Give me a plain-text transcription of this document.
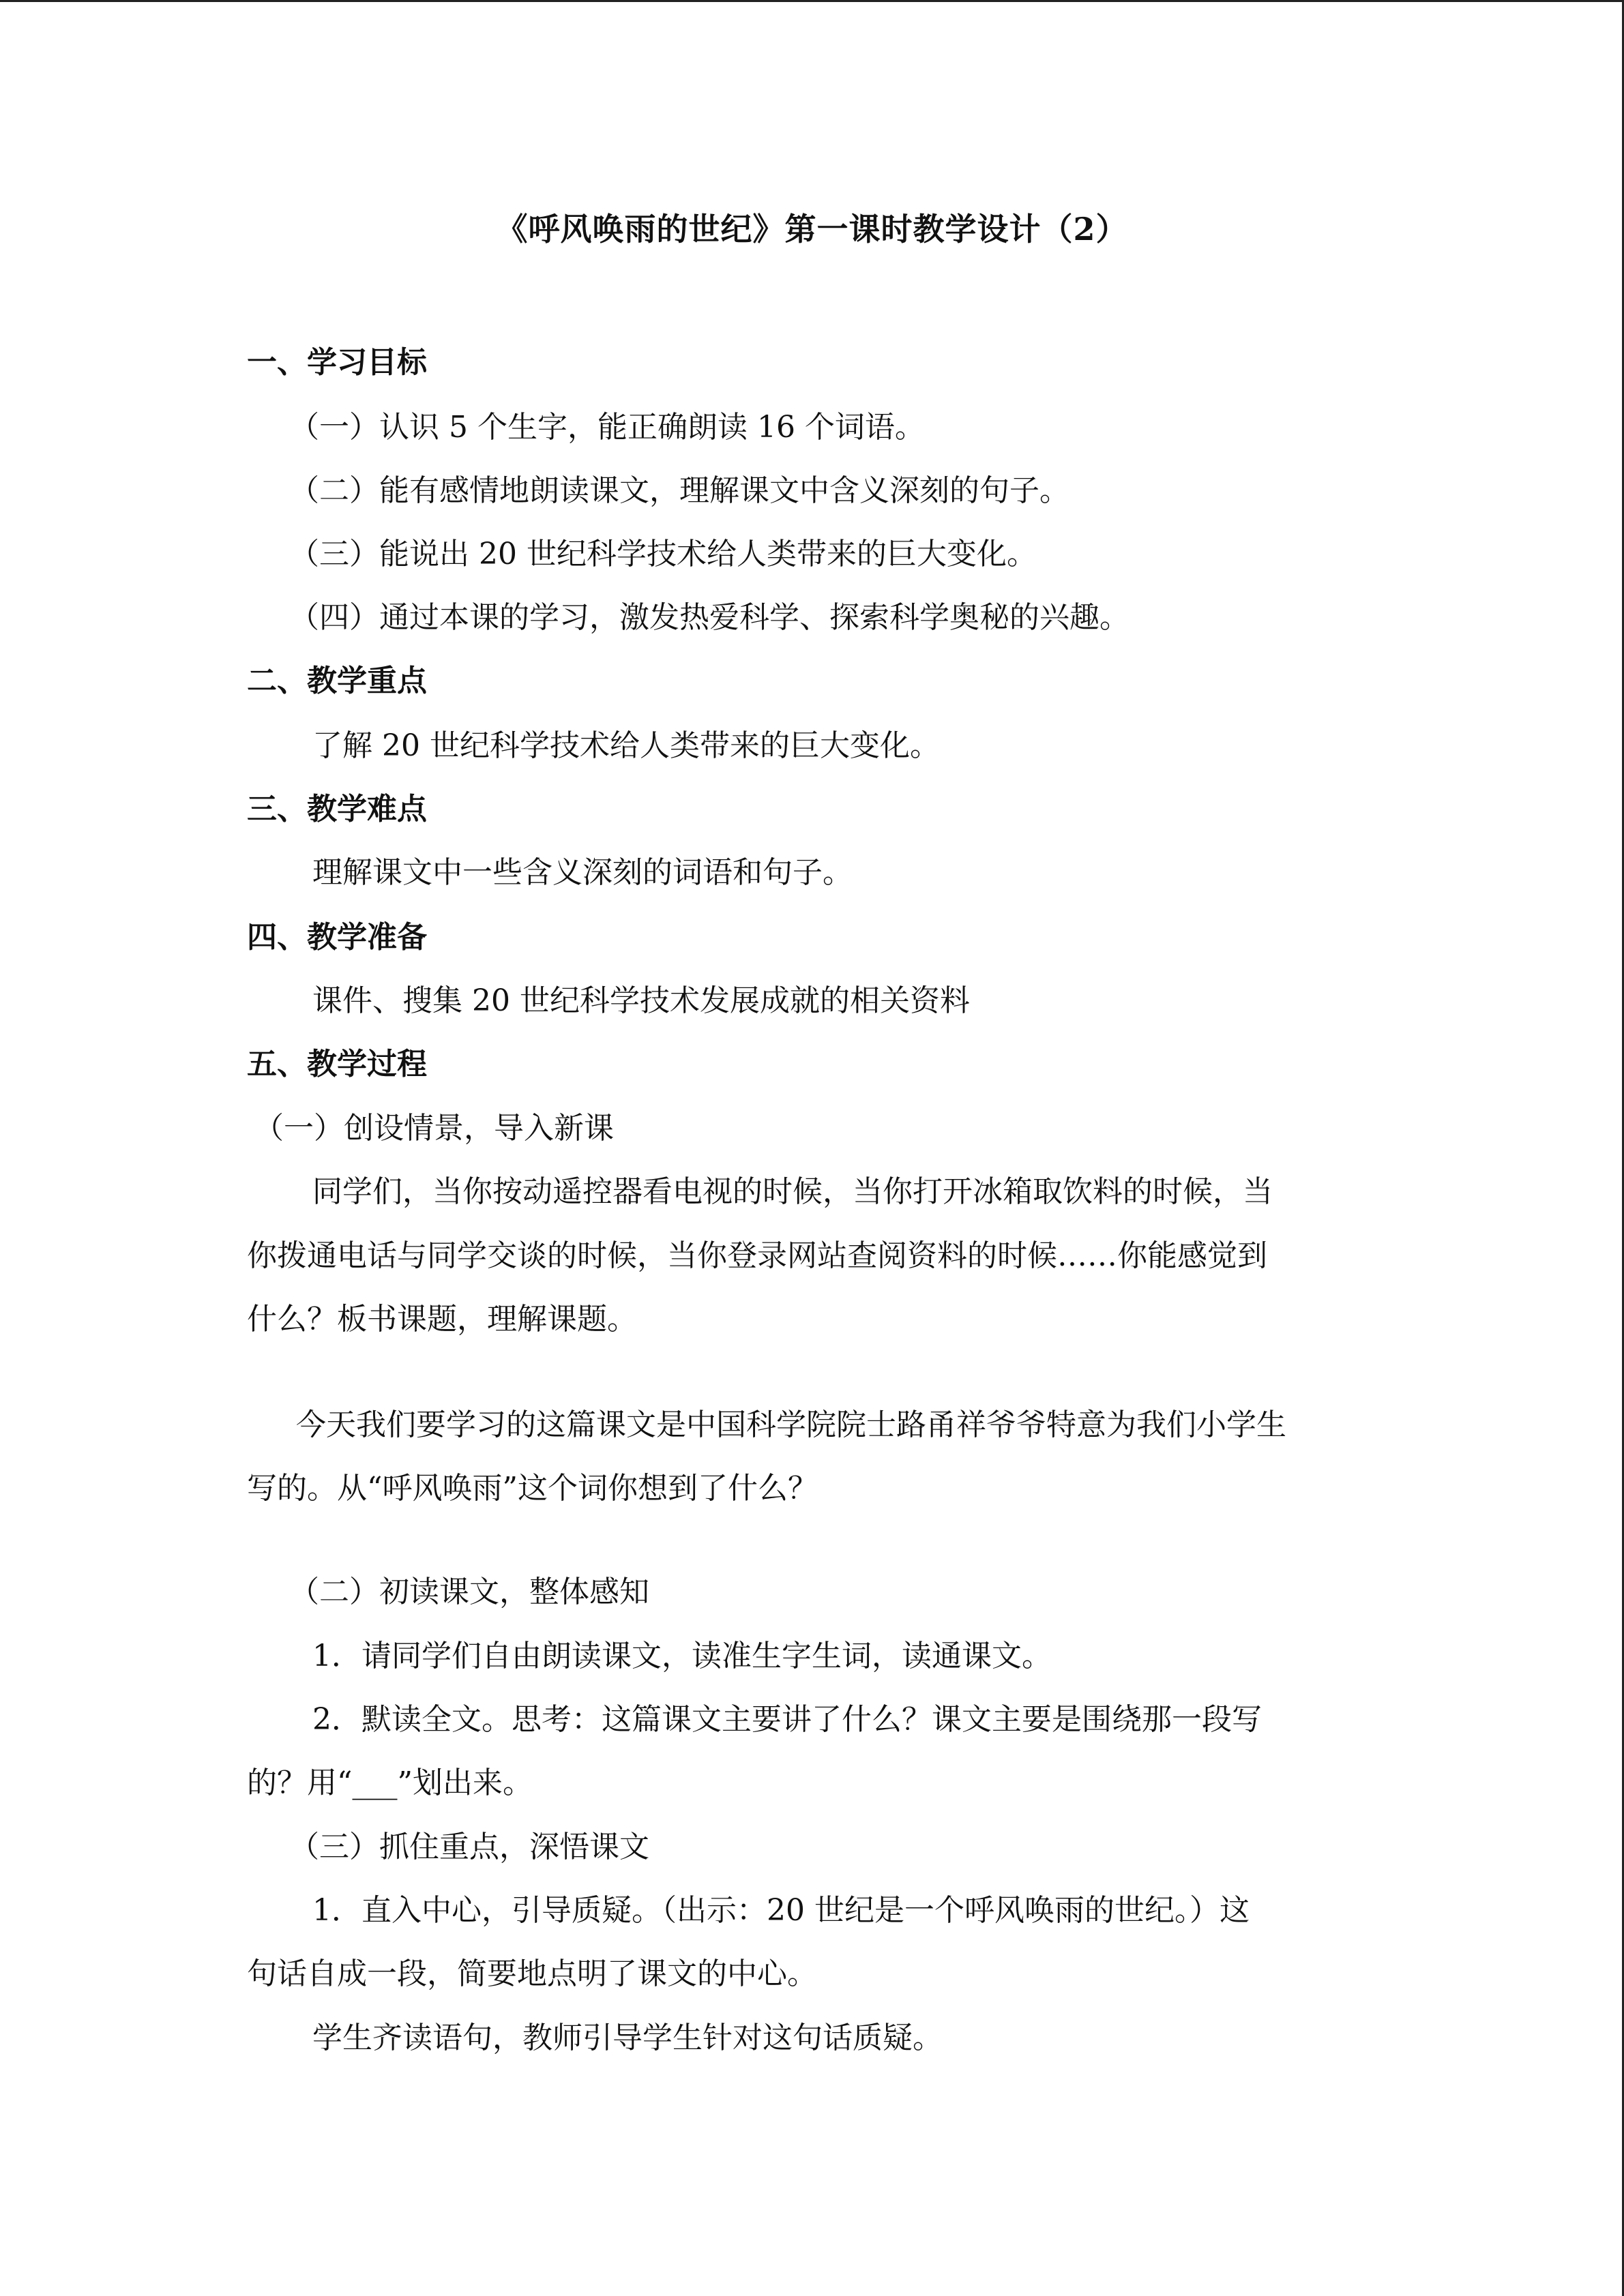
《呼风唤雨的世纪》第一课时教学设计（2）
一、学习目标
（一）认识 5 个生字，能正确朗读 16 个词语。
（二）能有感情地朗读课文，理解课文中含义深刻的句子。
（三）能说出 20 世纪科学技术给人类带来的巨大变化。
（四）通过本课的学习，激发热爱科学、探索科学奥秘的兴趣。
二、教学重点
了解 20 世纪科学技术给人类带来的巨大变化。
三、教学难点
理解课文中一些含义深刻的词语和句子。
四、教学准备
课件、搜集 20 世纪科学技术发展成就的相关资料
五、教学过程
（一）创设情景，导入新课
同学们，当你按动遥控器看电视的时候，当你打开冰箱取饮料的时候，当
你拨通电话与同学交谈的时候，当你登录网站查阅资料的时候……你能感觉到
什么？板书课题，理解课题。
今天我们要学习的这篇课文是中国科学院院士路甬祥爷爷特意为我们小学生
写的。从“呼风唤雨”这个词你想到了什么？
（二）初读课文，整体感知
1．请同学们自由朗读课文，读准生字生词，读通课文。
2．默读全文。思考：这篇课文主要讲了什么？课文主要是围绕那一段写
的？用“___”划出来。
（三）抓住重点，深悟课文
1．直入中心，引导质疑。（出示：20 世纪是一个呼风唤雨的世纪。）这
句话自成一段，简要地点明了课文的中心。
学生齐读语句，教师引导学生针对这句话质疑。
